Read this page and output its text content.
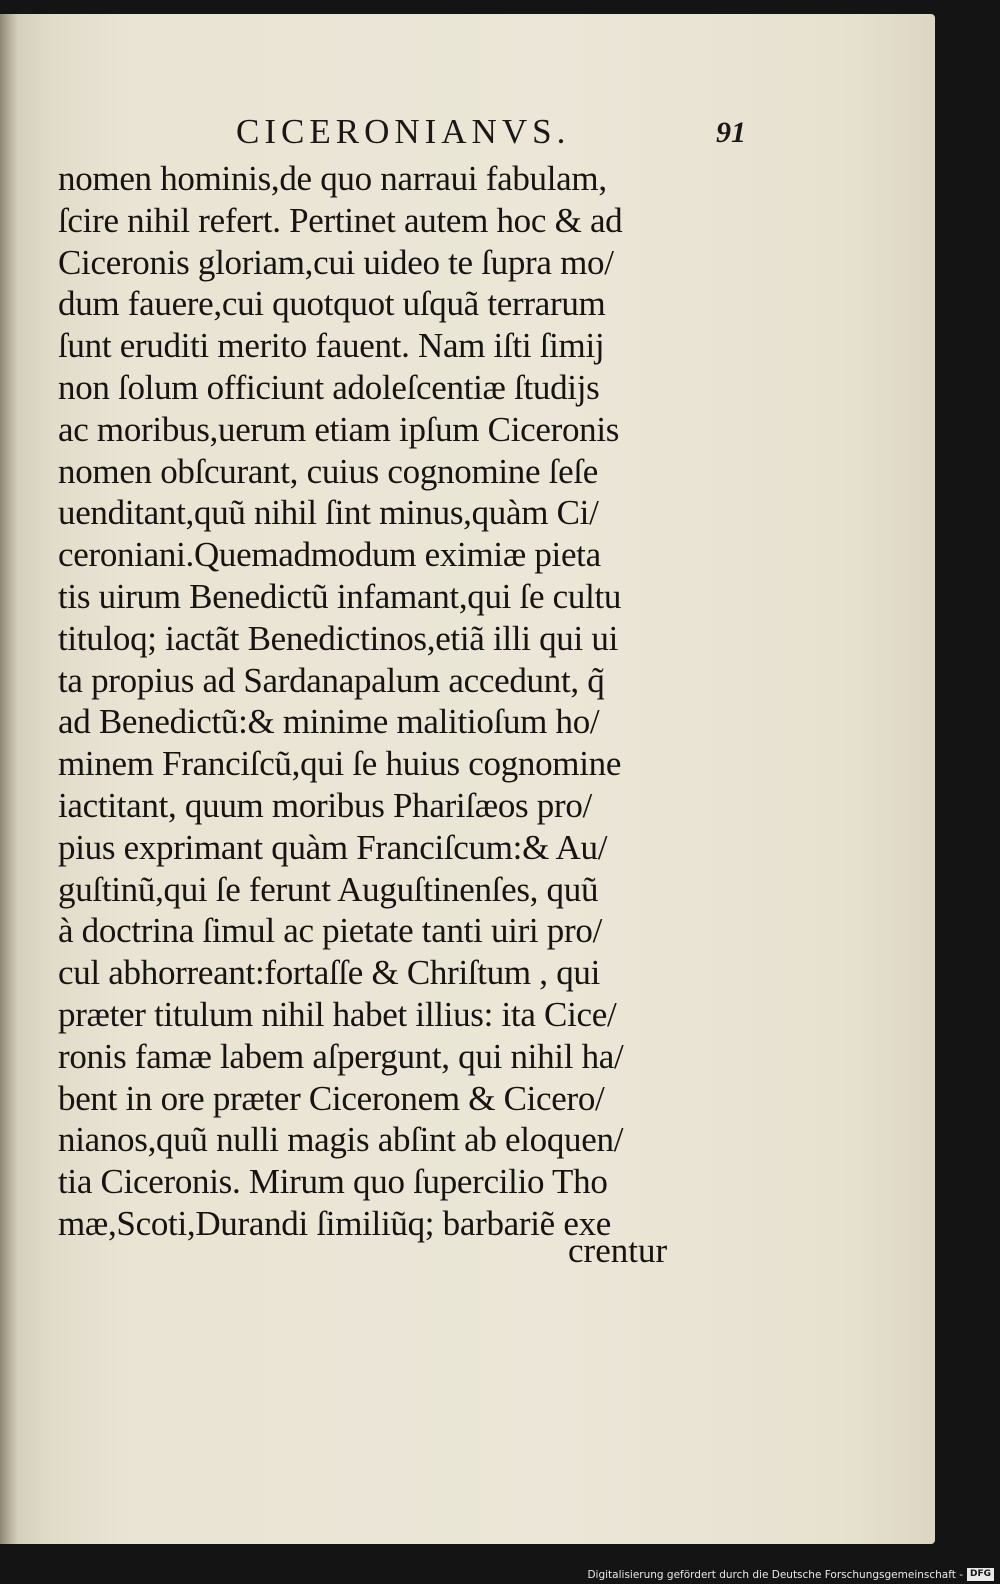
CICERONIANVS.	91
nomen hominis,de quo narraui fabulam,
ſcire nihil refert. Pertinet autem hoc & ad
Ciceronis gloriam,cui uideo te ſupra mo/
dum fauere,cui quotquot uſquã terrarum
ſunt eruditi merito fauent. Nam iſti ſimij
non ſolum officiunt adoleſcentiæ ſtudijs
ac moribus,uerum etiam ipſum Ciceronis
nomen obſcurant, cuius cognomine ſeſe
uenditant,quũ nihil ſint minus,quàm Ci/
ceroniani.Quemadmodum eximiæ pieta
tis uirum Benedictũ infamant,qui ſe cultu
tituloq; iactãt Benedictinos,etiã illi qui ui
ta propius ad Sardanapalum accedunt, q̃
ad Benedictũ:& minime malitioſum ho/
minem Franciſcũ,qui ſe huius cognomine
iactitant, quum moribus Phariſæos pro/
pius exprimant quàm Franciſcum:& Au/
guſtinũ,qui ſe ferunt Auguſtinenſes, quũ
à doctrina ſimul ac pietate tanti uiri pro/
cul abhorreant:fortaſſe & Chriſtum , qui
præter titulum nihil habet illius: ita Cice/
ronis famæ labem aſpergunt, qui nihil ha/
bent in ore præter Ciceronem & Cicero/
nianos,quũ nulli magis abſint ab eloquen/
tia Ciceronis. Mirum quo ſupercilio Tho
mæ,Scoti,Durandi ſimiliũq; barbariẽ exe
crentur
Digitalisierung gefördert durch die Deutsche Forschungsgemeinschaft - DFG
